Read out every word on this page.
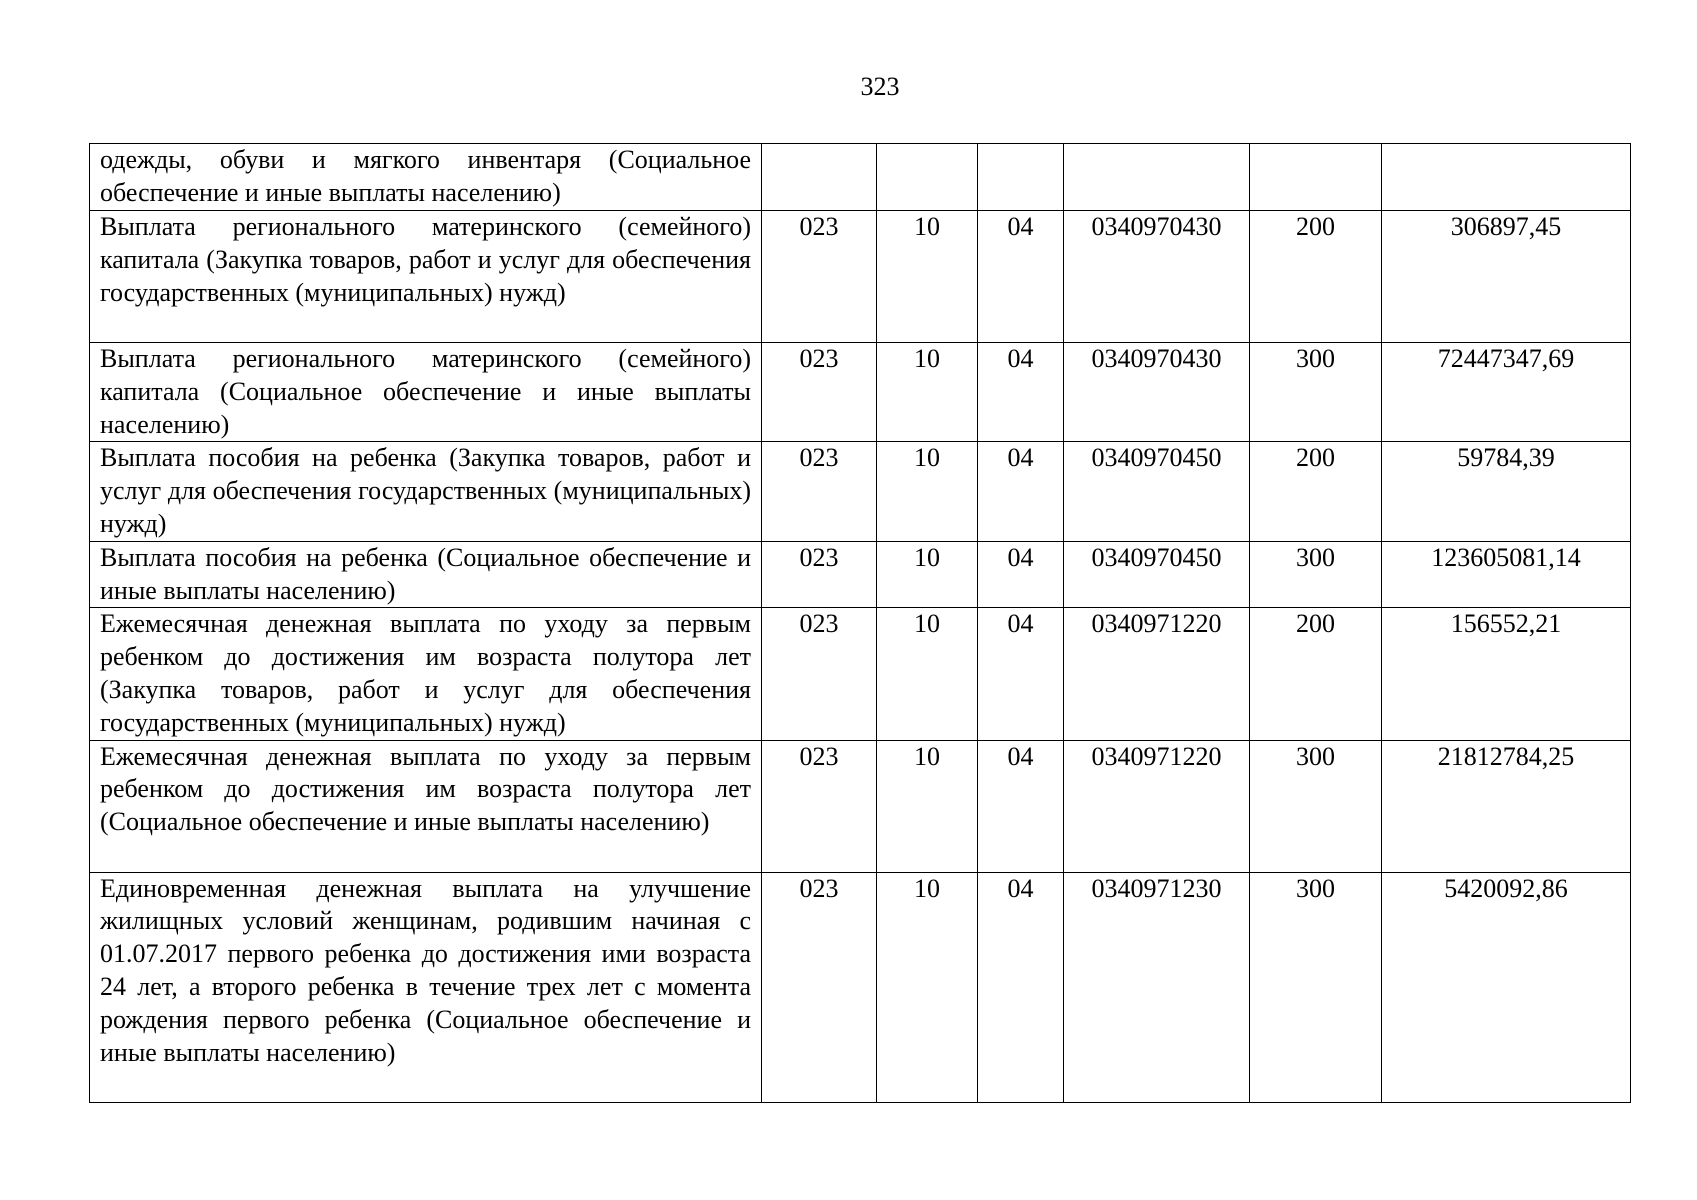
323
одежды, обуви и мягкого инвентаря (Социальное обеспечение и иные выплаты населению)						
Выплата регионального материнского (семейного) капитала (Закупка товаров, работ и услуг для обеспечения государственных (муниципальных) нужд)	023	10	04	0340970430	200	306897,45
Выплата регионального материнского (семейного) капитала (Социальное обеспечение и иные выплаты населению)	023	10	04	0340970430	300	72447347,69
Выплата пособия на ребенка (Закупка товаров, работ и услуг для обеспечения государственных (муниципальных) нужд)	023	10	04	0340970450	200	59784,39
Выплата пособия на ребенка (Социальное обеспечение и иные выплаты населению)	023	10	04	0340970450	300	123605081,14
Ежемесячная денежная выплата по уходу за первым ребенком до достижения им возраста полутора лет (Закупка товаров, работ и услуг для обеспечения государственных (муниципальных) нужд)	023	10	04	0340971220	200	156552,21
Ежемесячная денежная выплата по уходу за первым ребенком до достижения им возраста полутора лет (Социальное обеспечение и иные выплаты населению)	023	10	04	0340971220	300	21812784,25
Единовременная денежная выплата на улучшение жилищных условий женщинам, родившим начиная с 01.07.2017 первого ребенка до достижения ими возраста 24 лет, а второго ребенка в течение трех лет с момента рождения первого ребенка (Социальное обеспечение и иные выплаты населению)	023	10	04	0340971230	300	5420092,86
